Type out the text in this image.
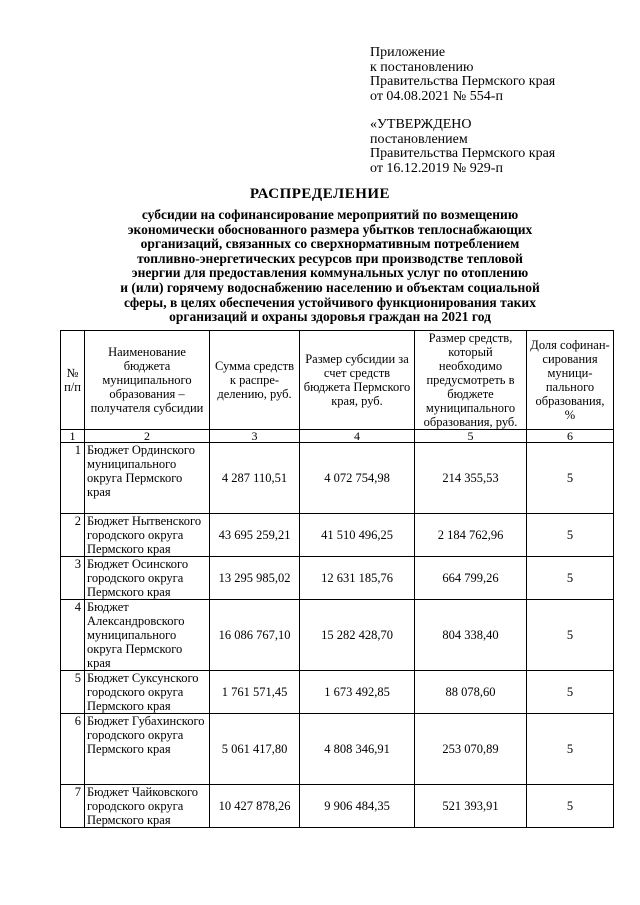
Приложение
к постановлению
Правительства Пермского края
от 04.08.2021 № 554-п
«УТВЕРЖДЕНО
постановлением
Правительства Пермского края
от 16.12.2019 № 929-п
РАСПРЕДЕЛЕНИЕ
субсидии на софинансирование мероприятий по возмещению
экономически обоснованного размера убытков теплоснабжающих
организаций, связанных со сверхнормативным потреблением
топливно-энергетических ресурсов при производстве тепловой
энергии для предоставления коммунальных услуг по отоплению
и (или) горячему водоснабжению населению и объектам социальной
сферы, в целях обеспечения устойчивого функционирования таких
организаций и охраны здоровья граждан на 2021 год
№ п/п	Наименование бюджета муниципального образования – получателя субсидии	Сумма средств к распре-делению, руб.	Размер субсидии за счет средств бюджета Пермского края, руб.	Размер средств, который необходимо предусмотреть в бюджете муниципального образования, руб.	Доля софинан-сирования муници-пального образования, %
1	2	3	4	5	6
1	Бюджет Ординского муниципального округа Пермского края	4 287 110,51	4 072 754,98	214 355,53	5
2	Бюджет Нытвенского городского округа Пермского края	43 695 259,21	41 510 496,25	2 184 762,96	5
3	Бюджет Осинского городского округа Пермского края	13 295 985,02	12 631 185,76	664 799,26	5
4	Бюджет Александровского муниципального округа Пермского края	16 086 767,10	15 282 428,70	804 338,40	5
5	Бюджет Суксунского городского округа Пермского края	1 761 571,45	1 673 492,85	88 078,60	5
6	Бюджет Губахинского городского округа Пермского края	5 061 417,80	4 808 346,91	253 070,89	5
7	Бюджет Чайковского городского округа Пермского края	10 427 878,26	9 906 484,35	521 393,91	5
